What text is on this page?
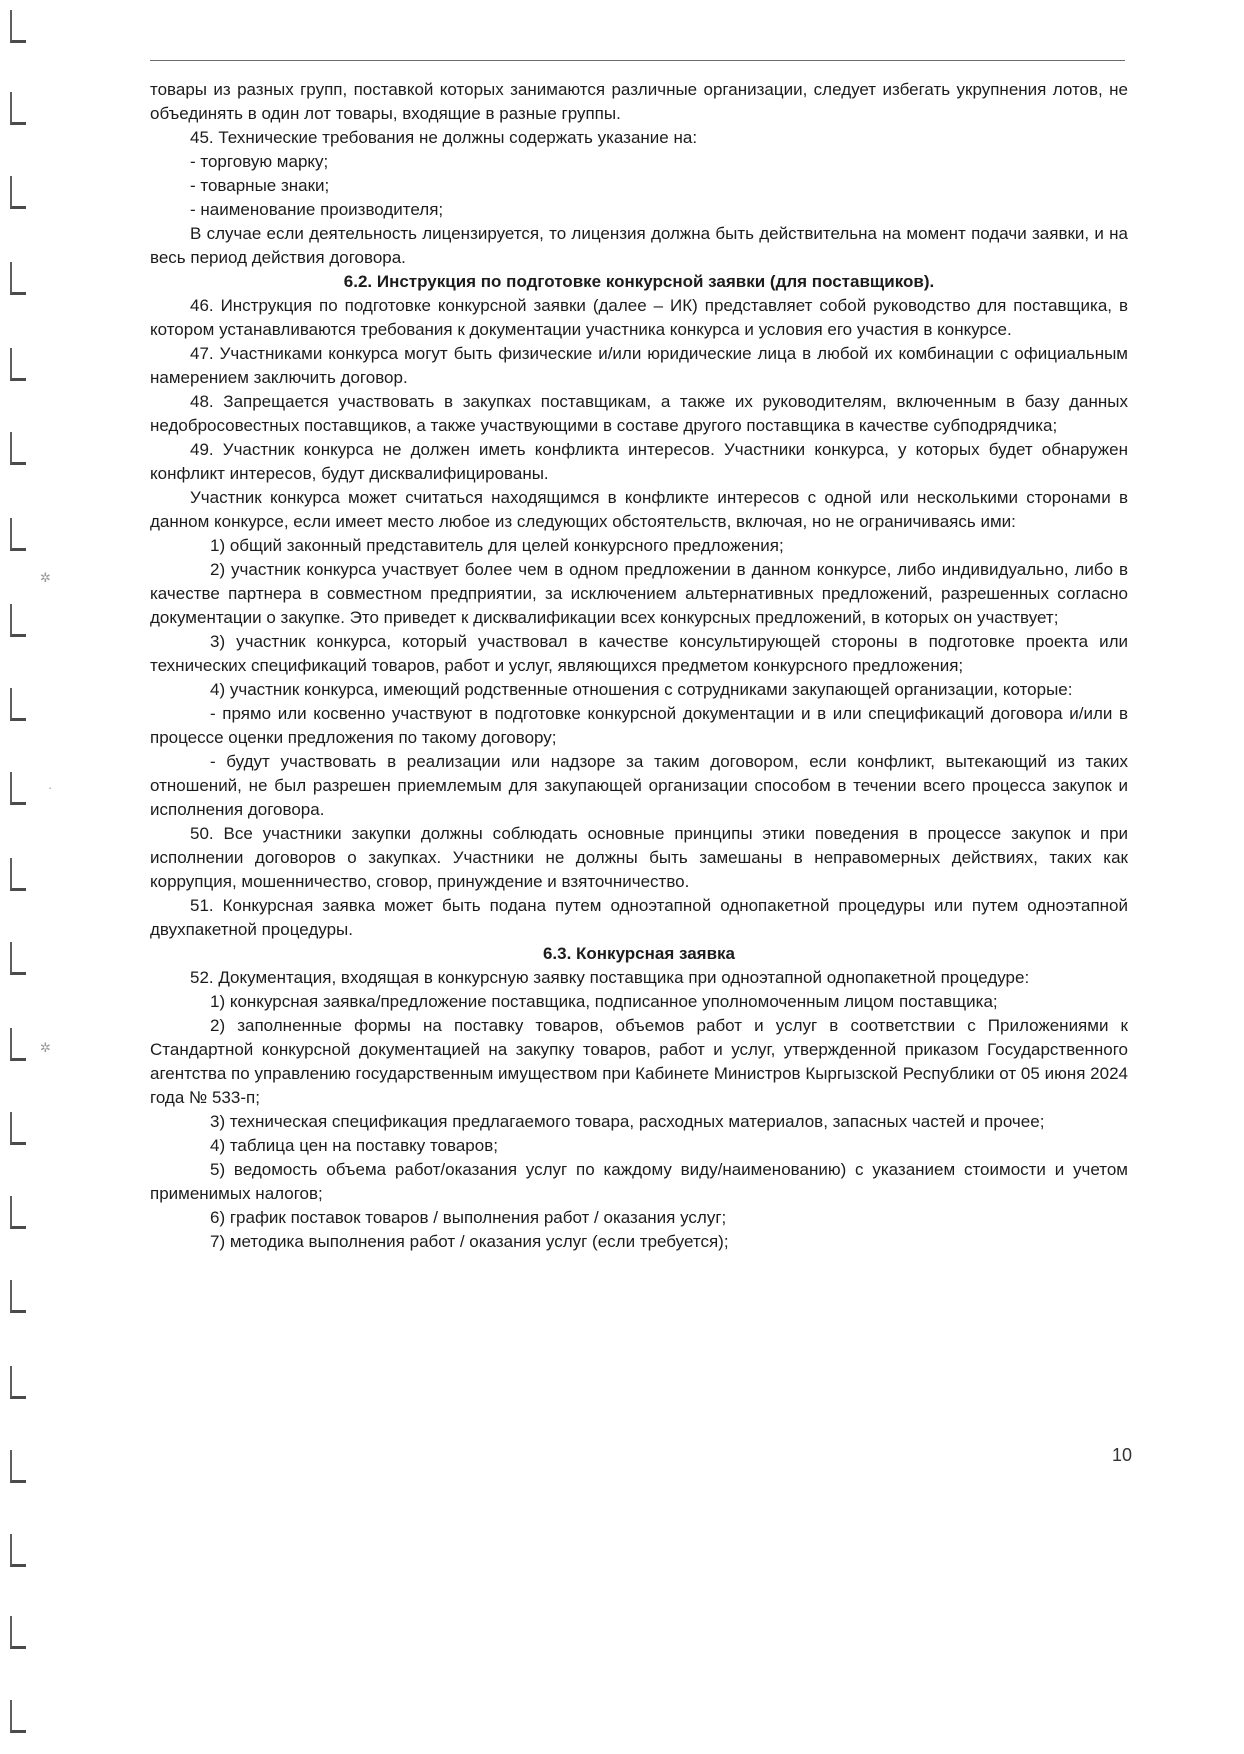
✲
·
✲

товары из разных групп, поставкой которых занимаются различные организации, следует избегать укрупнения лотов, не объединять в один лот товары, входящие в разные группы.

45. Технические требования не должны содержать указание на:

- торговую марку;

- товарные знаки;

- наименование производителя;

В случае если деятельность лицензируется, то лицензия должна быть действительна на момент подачи заявки, и на весь период действия договора.

6.2. Инструкция по подготовке конкурсной заявки (для поставщиков).

46. Инструкция по подготовке конкурсной заявки (далее – ИК) представляет собой руководство для поставщика, в котором устанавливаются требования к документации участника конкурса и условия его участия в конкурсе.

47. Участниками конкурса могут быть физические и/или юридические лица в любой их комбинации с официальным намерением заключить договор.

48. Запрещается участвовать в закупках поставщикам, а также их руководителям, включенным в базу данных недобросовестных поставщиков, а также участвующими в составе другого поставщика в качестве субподрядчика;

49. Участник конкурса не должен иметь конфликта интересов. Участники конкурса, у которых будет обнаружен конфликт интересов, будут дисквалифицированы.

Участник конкурса может считаться находящимся в конфликте интересов с одной или несколькими сторонами в данном конкурсе, если имеет место любое из следующих обстоятельств, включая, но не ограничиваясь ими:

1) общий законный представитель для целей конкурсного предложения;

2) участник конкурса участвует более чем в одном предложении в данном конкурсе, либо индивидуально, либо в качестве партнера в совместном предприятии, за исключением альтернативных предложений, разрешенных согласно документации о закупке. Это приведет к дисквалификации всех конкурсных предложений, в которых он участвует;

3) участник конкурса, который участвовал в качестве консультирующей стороны в подготовке проекта или технических спецификаций товаров, работ и услуг, являющихся предметом конкурсного предложения;

4) участник конкурса, имеющий родственные отношения с сотрудниками закупающей организации, которые:

- прямо или косвенно участвуют в подготовке конкурсной документации и в или спецификаций договора и/или в процессе оценки предложения по такому договору;

- будут участвовать в реализации или надзоре за таким договором, если конфликт, вытекающий из таких отношений, не был разрешен приемлемым для закупающей организации способом в течении всего процесса закупок и исполнения договора.

50. Все участники закупки должны соблюдать основные принципы этики поведения в процессе закупок и при исполнении договоров о закупках. Участники не должны быть замешаны в неправомерных действиях, таких как коррупция, мошенничество, сговор, принуждение и взяточничество.

51. Конкурсная заявка может быть подана путем одноэтапной однопакетной процедуры или путем одноэтапной двухпакетной процедуры.

6.3. Конкурсная заявка

52. Документация, входящая в конкурсную заявку поставщика при одноэтапной однопакетной процедуре:

1) конкурсная заявка/предложение поставщика, подписанное уполномоченным лицом поставщика;

2) заполненные формы на поставку товаров, объемов работ и услуг в соответствии с Приложениями к Стандартной конкурсной документацией на закупку товаров, работ и услуг, утвержденной приказом Государственного агентства по управлению государственным имуществом при Кабинете Министров Кыргызской Республики от 05 июня 2024 года № 533-п;

3) техническая спецификация предлагаемого товара, расходных материалов, запасных частей и прочее;

4) таблица цен на поставку товаров;

5) ведомость объема работ/оказания услуг по каждому виду/наименованию) с указанием стоимости и учетом применимых налогов;

6) график поставок товаров / выполнения работ / оказания услуг;

7) методика выполнения работ / оказания услуг (если требуется);

10
